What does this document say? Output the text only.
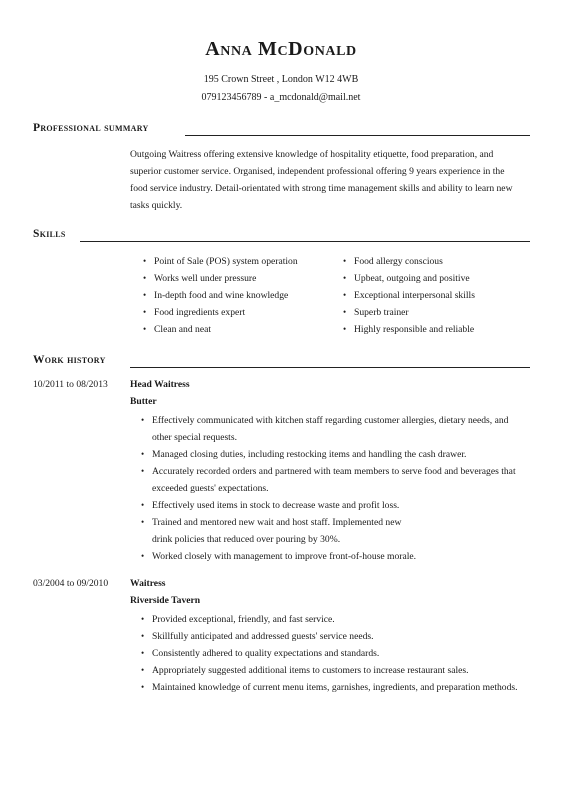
Anna McDonald
195 Crown Street , London W12 4WB
079123456789 - a_mcdonald@mail.net
Professional summary

Outgoing Waitress offering extensive knowledge of hospitality etiquette, food preparation, and superior customer service. Organised, independent professional offering 9 years experience in the food service industry. Detail-orientated with strong time management skills and ability to learn new tasks quickly.

Skills
• Point of Sale (POS) system operation
• Works well under pressure
• In-depth food and wine knowledge
• Food ingredients expert
• Clean and neat
• Food allergy conscious
• Upbeat, outgoing and positive
• Exceptional interpersonal skills
• Superb trainer
• Highly responsible and reliable
Work history
10/2011 to 08/2013 Head Waitress
Butter
• Effectively communicated with kitchen staff regarding customer allergies, dietary needs, and other special requests.
• Managed closing duties, including restocking items and handling the cash drawer.
• Accurately recorded orders and partnered with team members to serve food and beverages that exceeded guests' expectations.
• Effectively used items in stock to decrease waste and profit loss.
• Trained and mentored new wait and host staff. Implemented new drink policies that reduced over pouring by 30%.
• Worked closely with management to improve front-of-house morale.
03/2004 to 09/2010 Waitress
Riverside Tavern
• Provided exceptional, friendly, and fast service.
• Skillfully anticipated and addressed guests' service needs.
• Consistently adhered to quality expectations and standards.
• Appropriately suggested additional items to customers to increase restaurant sales.
• Maintained knowledge of current menu items, garnishes, ingredients, and preparation methods.
